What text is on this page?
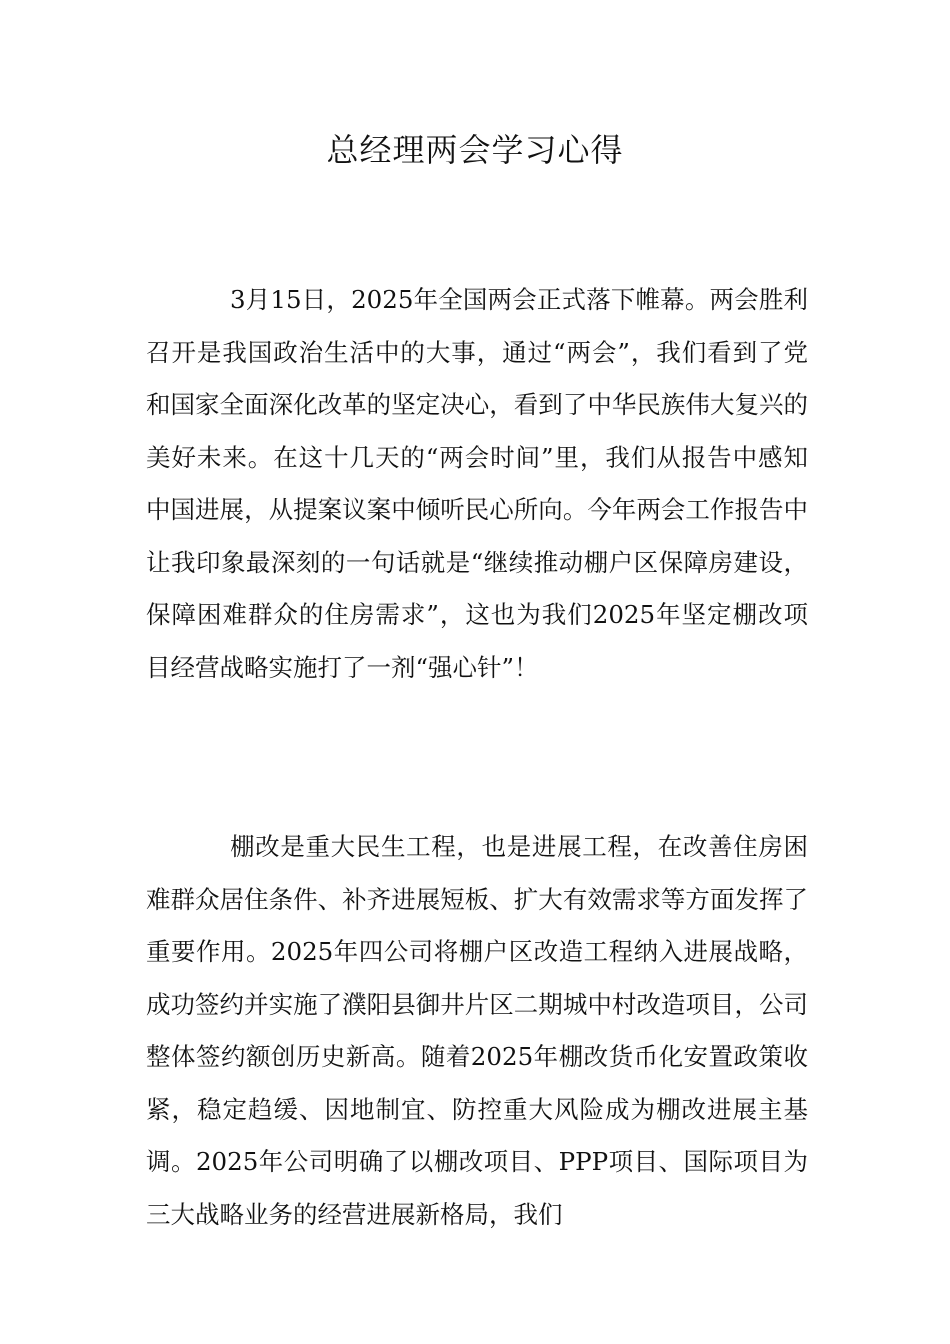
总经理两会学习心得

3月15日，2025年全国两会正式落下帷幕。两会胜利召开是我国政治生活中的大事，通过“两会”，我们看到了党和国家全面深化改革的坚定决心，看到了中华民族伟大复兴的美好未来。在这十几天的“两会时间”里，我们从报告中感知中国进展，从提案议案中倾听民心所向。今年两会工作报告中让我印象最深刻的一句话就是“继续推动棚户区保障房建设，保障困难群众的住房需求”，这也为我们2025年坚定棚改项目经营战略实施打了一剂“强心针”！

棚改是重大民生工程，也是进展工程，在改善住房困难群众居住条件、补齐进展短板、扩大有效需求等方面发挥了重要作用。2025年四公司将棚户区改造工程纳入进展战略，成功签约并实施了濮阳县御井片区二期城中村改造项目，公司整体签约额创历史新高。随着2025年棚改货币化安置政策收紧，稳定趋缓、因地制宜、防控重大风险成为棚改进展主基调。2025年公司明确了以棚改项目、PPP项目、国际项目为三大战略业务的经营进展新格局，我们
